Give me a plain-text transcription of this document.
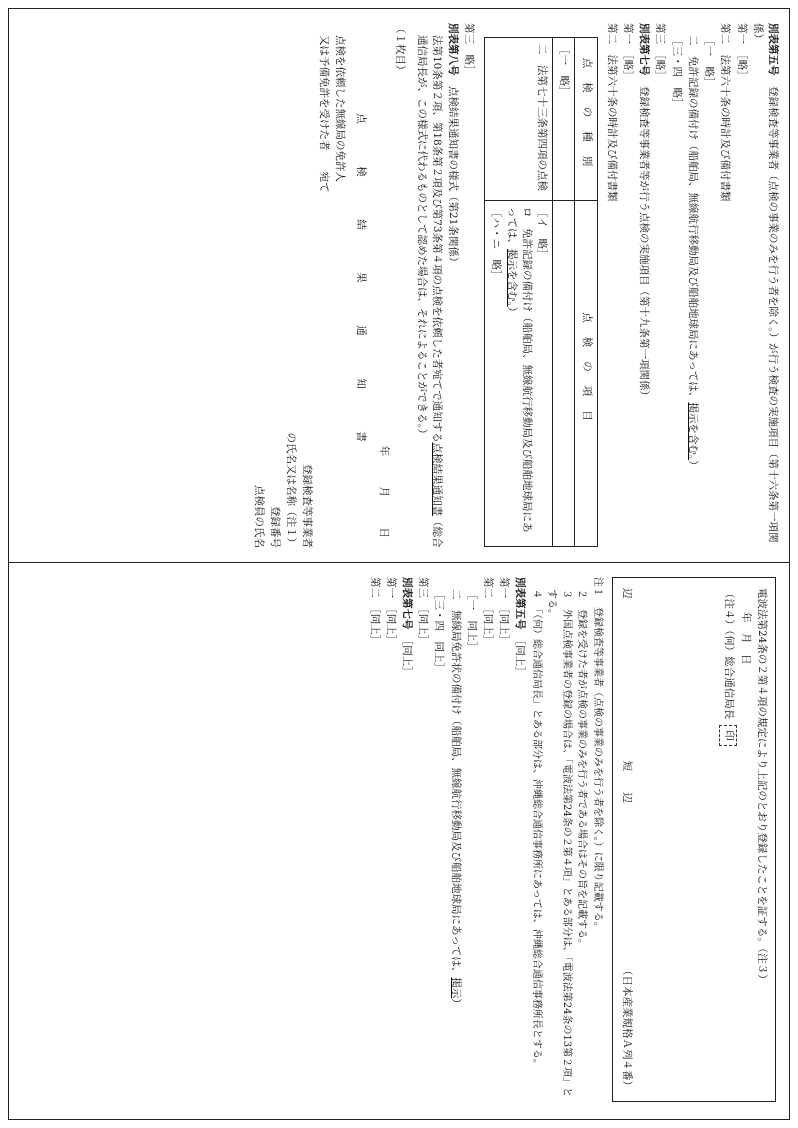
別表第五号　登録検査等事業者（点検の事業のみを行う者を除く。）が行う検査の実施項目（第十六条第一項関係）

第一　［略］

第二　法第六十条の時計及び備付書類

［一　略］

二　免許記録の備付け（船舶局、無線航行移動局及び船舶地球局にあっては、掲示を含む。）

［三・四　略］

第三　［略］

別表第七号　登録検査等事業者等が行う点検の実施項目（第十九条第一項関係）

第一　［略］

第二　法第六十条の時計及び備付書類

点検の種別	点検の項目
［一　略］	
二　法第七十三条第四項の点検	［イ　略］
ロ　免許記録の備付け（船舶局、無線航行移動局及び船舶地球局にあっては、掲示を含む。）
［ハ・ニ　略］

第三　略］

別表第八号　点検結果通知書の様式（第21条関係）

法第10条第２項、第18条第２項及び第73条第４項の点検を依頼した者宛てで通知する点検結果通知書（総合通信局長が、この様式に代わるものとして認めた場合は、それによることができる。）

（１枚目）

年　月　日

点　検　結　果　通　知　書

点検を依頼した無線局の免許人

又は予備免許を受けた者　　宛て

登録検査等事業者

の氏名又は名称（注１）

登録番号

点検員の氏名

電波法第24条の２第４項の規定により上記のとおり登録したことを証する。（注３）

年　月　日

（注４）（何）総合通信局長印

辺
短　　辺
（日本産業規格Ａ列４番）

注１　登録検査等事業者（点検の事業のみを行う者を除く。）に限り記載する。

２　登録を受けた者が点検の事業のみを行う者である場合はその旨を記載する。

３　外国点検事業者の登録の場合は、「電波法第24条の２第４項」とある部分は、「電波法第24条の13第２項」とする。

４　「（何）総合通信局長」とある部分は、沖縄総合通信事務所にあっては、沖縄総合通信事務所長とする。

別表第五号　［同上］

第一　［同上］

第二　［同上］

［一　同上］

二　無線局免許状の備付け（船舶局、無線航行移動局及び船舶地球局にあっては、掲示）

［三・四　同上］

第三　［同上］

別表第七号　［同上］

第一　［同上］

第二　［同上］
